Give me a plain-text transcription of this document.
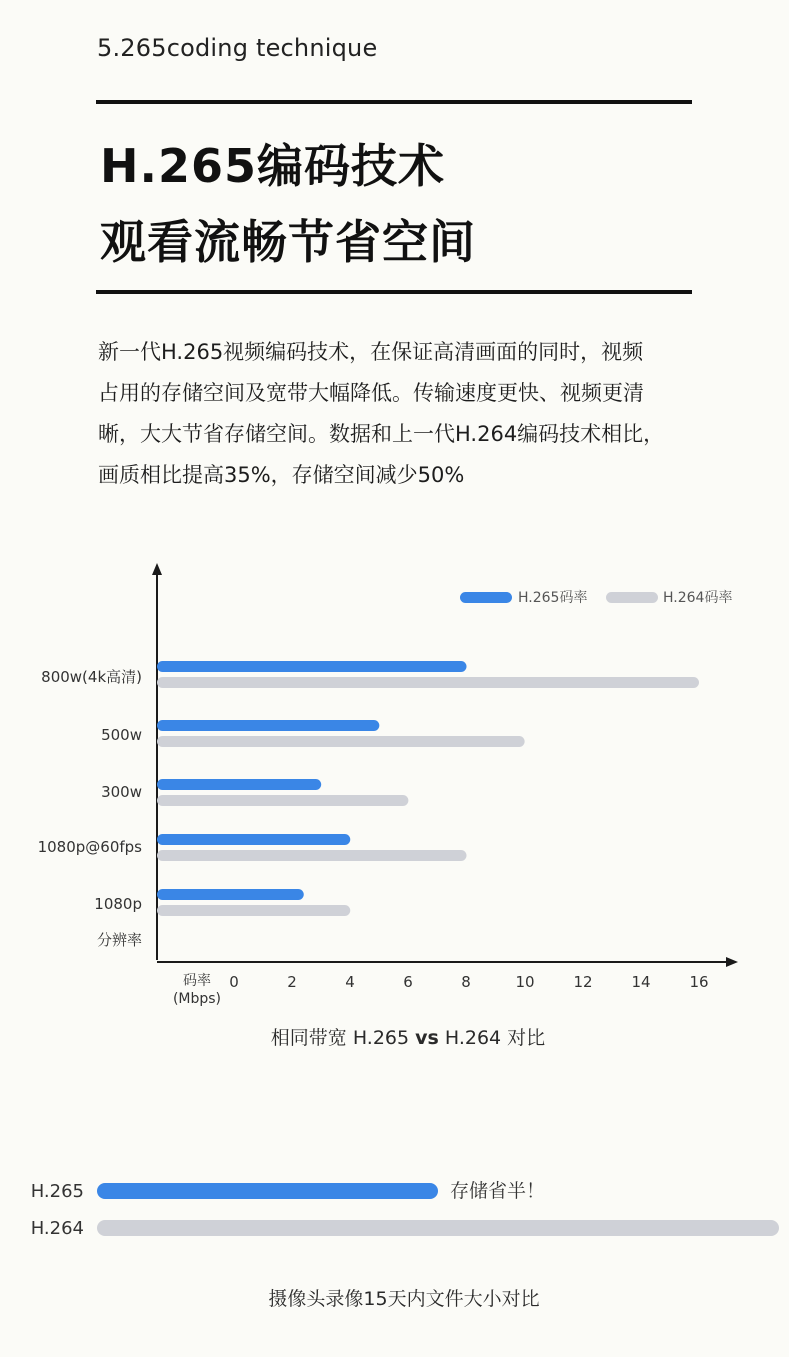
5.265coding technique
H.265编码技术
观看流畅节省空间
新一代H.265视频编码技术，在保证高清画面的同时，视频
占用的存储空间及宽带大幅降低。传输速度更快、视频更清
晰，大大节省存储空间。数据和上一代H.264编码技术相比，
画质相比提高35%，存储空间减少50%
H.265码率	H.264码率
800w(4k高清)
500w
300w
1080p@60fps
1080p
分辨率
0	2	4	6	8	10	12	14	16
码率
(Mbps)
相同带宽 H.265 vs H.264 对比
H.265
H.264
存储省半！
摄像头录像15天内文件大小对比
